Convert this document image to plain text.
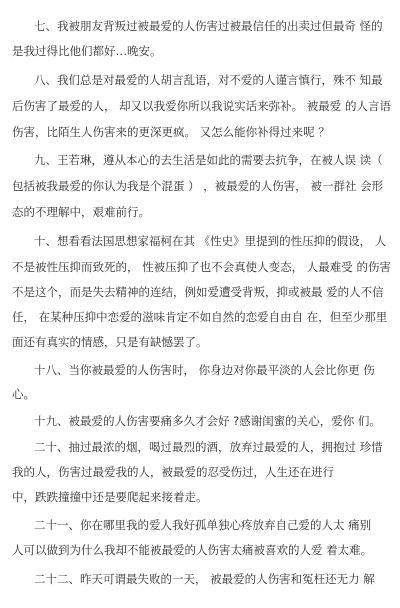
七、我被朋友背叛过被最爱的人伤害过被最信任的出卖过但最奇 怪的

是我过得比他们都好…晚安。

八、我们总是对最爱的人胡言乱语，对不爱的人谨言慎行，殊不 知最

后伤害了最爱的人， 却又以我爱你所以我说实话来弥补。 被最爱 的人言语

伤害，比陌生人伤害来的更深更疯。 又怎么能你补得过来呢 ？

九、王若琳，遵从本心的去生活是如此的需要去抗争，在被人误 读（

包括被我最爱的你认为我是个混蛋 ） ，被最爱的人伤害， 被一群社 会形

态的不理解中，艰难前行。

十、想看看法国思想家福柯在其 《性史》里提到的性压抑的假设， 人

不是被性压抑而致死的， 性被压抑了也不会真使人变态， 人最难受 的伤害

不是这个，而是失去精神的连结，例如爱遭受背叛，抑或被最 爱的人不信

任， 在某种压抑中恋爱的滋味肯定不如自然的恋爱自由自 在，但至少那里

面还有真实的情感，只是有缺憾罢了。

十八、当你被最爱的人伤害时， 你身边对你最平淡的人会比你更 伤

心。

十九、被最爱的人伤害要痛多久才会好 ?感谢闺蜜的关心，爱你 们。

二十、抽过最浓的烟，喝过最烈的酒，放弃过最爱的人，拥抱过 珍惜

我的人，伤害过最爱我的人，被最爱的忍受伤过，人生还在进行

中，跌跌撞撞中还是要爬起来接着走。

二十一、你在哪里我的爱人我好孤单独心疼放弃自己爱的人太 痛别

人可以做到为什么我却不能被最爱的人伤害太痛被喜欢的人爱 着太难。

二十二、昨天可谓最失败的一天， 被最爱的人伤害和冤枉还无力 解
